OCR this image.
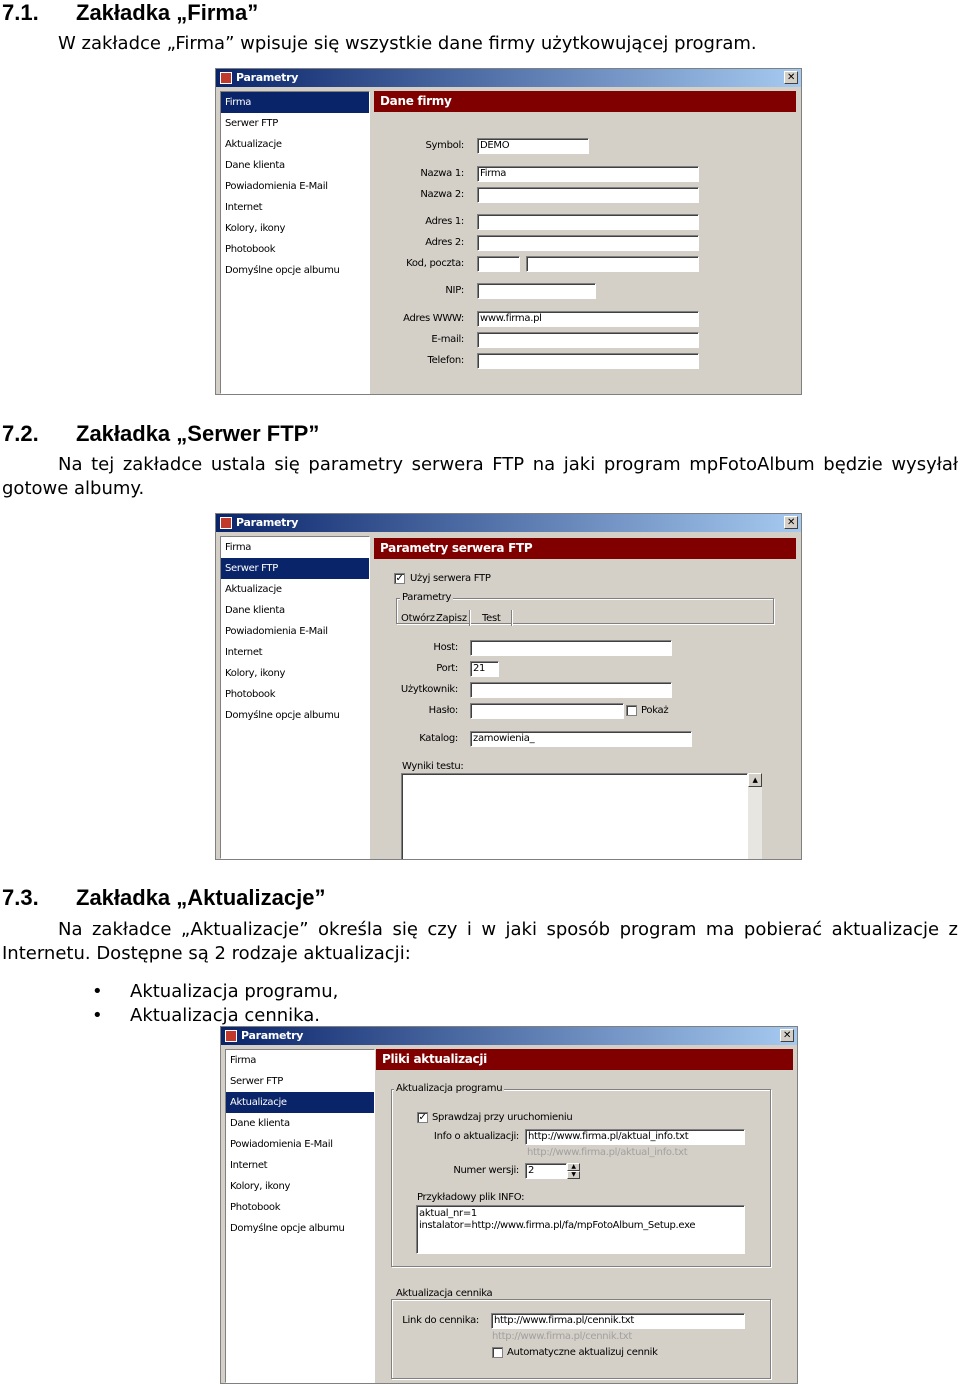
7.1. Zakładka „Firma”

W zakładce „Firma” wpisuje się wszystkie dane firmy użytkowującej program.

Parametry	✕
Firma
Serwer FTP
Aktualizacje
Dane klienta
Powiadomienia E-Mail
Internet
Kolory, ikony
Photobook
Domyślne opcje albumu
Dane firmy
Symbol:	DEMO
Nazwa 1:	Firma
Nazwa 2:
Adres 1:
Adres 2:
Kod, poczta:
NIP:
Adres WWW:	www.firma.pl
E-mail:
Telefon:
7.2. Zakładka „Serwer FTP”

Na tej zakładce ustala się parametry serwera FTP na jaki program mpFotoAlbum będzie wysyłał gotowe albumy.

Parametry	✕
Firma
Serwer FTP
Aktualizacje
Dane klienta
Powiadomienia E-Mail
Internet
Kolory, ikony
Photobook
Domyślne opcje albumu
Parametry serwera FTP
✓ Użyj serwera FTP
Parametry
Otwórz Zapisz Test
Host:
Port:	21
Użytkownik:
Hasło:	Pokaż
Katalog:	zamowienia_
Wyniki testu:
▲
7.3. Zakładka „Aktualizacje”

Na zakładce „Aktualizacje” określa się czy i w jaki sposób program ma pobierać aktualizacje z Internetu. Dostępne są 2 rodzaje aktualizacji:

• Aktualizacja programu,
• Aktualizacja cennika.
Parametry	✕
Firma
Serwer FTP
Aktualizacje
Dane klienta
Powiadomienia E-Mail
Internet
Kolory, ikony
Photobook
Domyślne opcje albumu
Pliki aktualizacji
Aktualizacja programu
✓ Sprawdzaj przy uruchomieniu
Info o aktualizacji: http://www.firma.pl/aktual_info.txt
http://www.firma.pl/aktual_info.txt
Numer wersji: 2	▲
▼
Przykładowy plik INFO:
aktual_nr=1
instalator=http://www.firma.pl/fa/mpFotoAlbum_Setup.exe
Aktualizacja cennika
Link do cennika:	http://www.firma.pl/cennik.txt
http://www.firma.pl/cennik.txt
Automatyczne aktualizuj cennik
